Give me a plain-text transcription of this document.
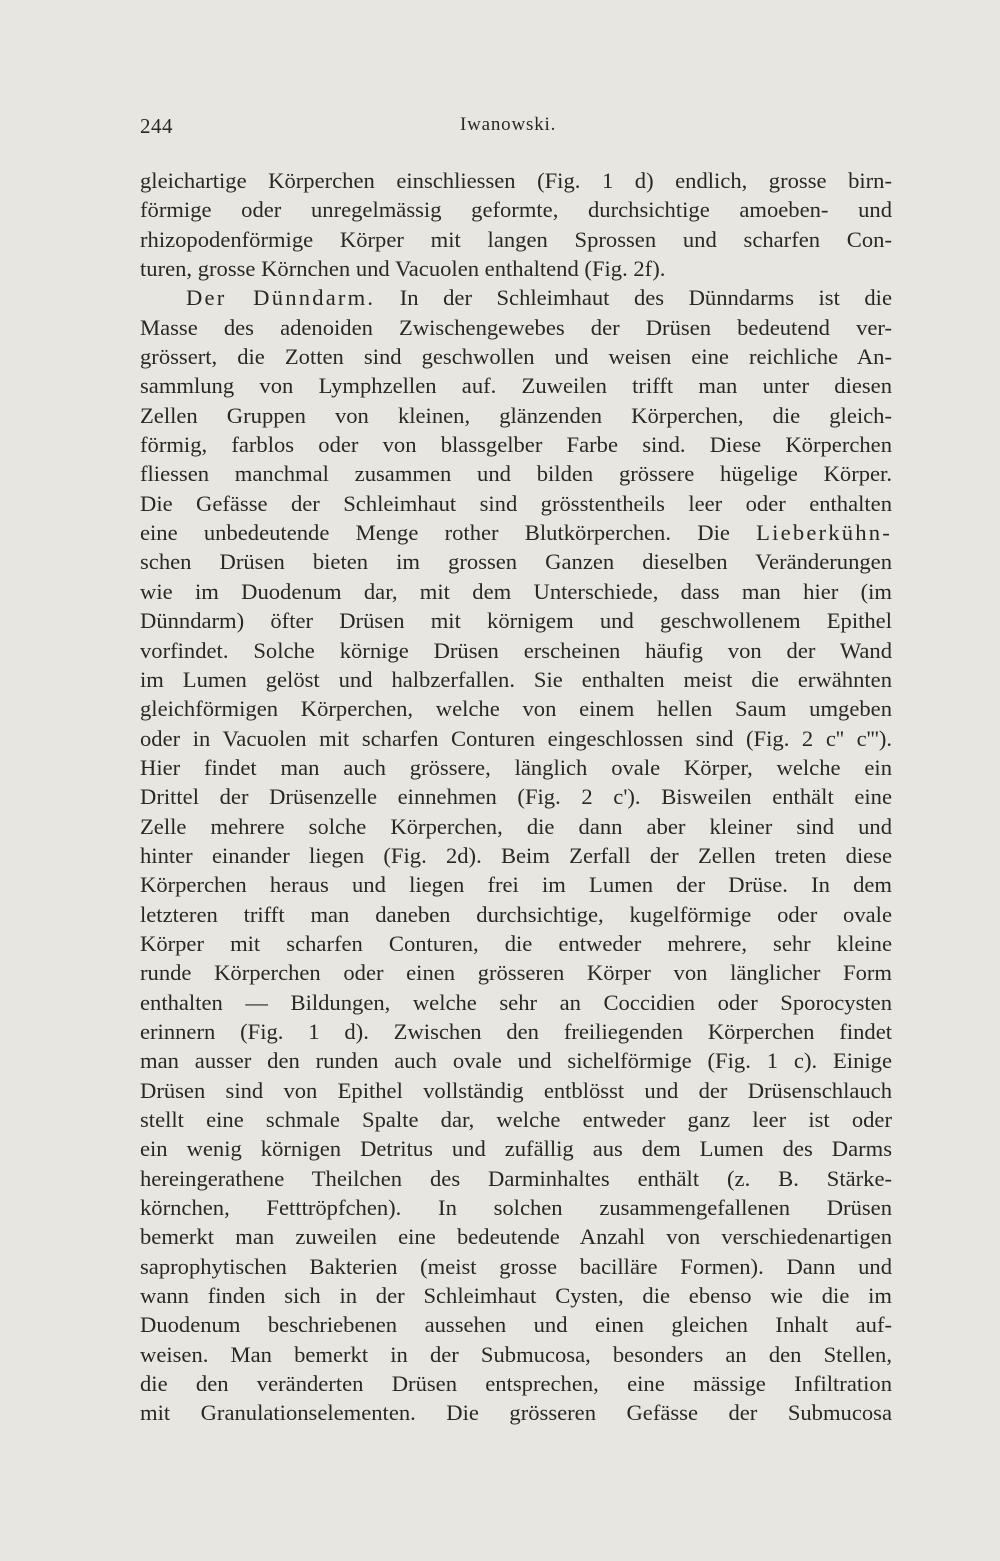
244	Iwanowski.
gleichartige Körperchen einschliessen (Fig. 1 d) endlich, grosse birn-
förmige oder unregelmässig geformte, durchsichtige amoeben- und
rhizopodenförmige Körper mit langen Sprossen und scharfen Con-
turen, grosse Körnchen und Vacuolen enthaltend (Fig. 2f).
Der Dünndarm. In der Schleimhaut des Dünndarms ist die
Masse des adenoiden Zwischengewebes der Drüsen bedeutend ver-
grössert, die Zotten sind geschwollen und weisen eine reichliche An-
sammlung von Lymphzellen auf. Zuweilen trifft man unter diesen
Zellen Gruppen von kleinen, glänzenden Körperchen, die gleich-
förmig, farblos oder von blassgelber Farbe sind. Diese Körperchen
fliessen manchmal zusammen und bilden grössere hügelige Körper.
Die Gefässe der Schleimhaut sind grösstentheils leer oder enthalten
eine unbedeutende Menge rother Blutkörperchen. Die Lieberkühn-
schen Drüsen bieten im grossen Ganzen dieselben Veränderungen
wie im Duodenum dar, mit dem Unterschiede, dass man hier (im
Dünndarm) öfter Drüsen mit körnigem und geschwollenem Epithel
vorfindet. Solche körnige Drüsen erscheinen häufig von der Wand
im Lumen gelöst und halbzerfallen. Sie enthalten meist die erwähnten
gleichförmigen Körperchen, welche von einem hellen Saum umgeben
oder in Vacuolen mit scharfen Conturen eingeschlossen sind (Fig. 2 c'' c''').
Hier findet man auch grössere, länglich ovale Körper, welche ein
Drittel der Drüsenzelle einnehmen (Fig. 2 c'). Bisweilen enthält eine
Zelle mehrere solche Körperchen, die dann aber kleiner sind und
hinter einander liegen (Fig. 2d). Beim Zerfall der Zellen treten diese
Körperchen heraus und liegen frei im Lumen der Drüse. In dem
letzteren trifft man daneben durchsichtige, kugelförmige oder ovale
Körper mit scharfen Conturen, die entweder mehrere, sehr kleine
runde Körperchen oder einen grösseren Körper von länglicher Form
enthalten — Bildungen, welche sehr an Coccidien oder Sporocysten
erinnern (Fig. 1 d). Zwischen den freiliegenden Körperchen findet
man ausser den runden auch ovale und sichelförmige (Fig. 1 c). Einige
Drüsen sind von Epithel vollständig entblösst und der Drüsenschlauch
stellt eine schmale Spalte dar, welche entweder ganz leer ist oder
ein wenig körnigen Detritus und zufällig aus dem Lumen des Darms
hereingerathene Theilchen des Darminhaltes enthält (z. B. Stärke-
körnchen, Fetttröpfchen). In solchen zusammengefallenen Drüsen
bemerkt man zuweilen eine bedeutende Anzahl von verschiedenartigen
saprophytischen Bakterien (meist grosse bacilläre Formen). Dann und
wann finden sich in der Schleimhaut Cysten, die ebenso wie die im
Duodenum beschriebenen aussehen und einen gleichen Inhalt auf-
weisen. Man bemerkt in der Submucosa, besonders an den Stellen,
die den veränderten Drüsen entsprechen, eine mässige Infiltration
mit Granulationselementen. Die grösseren Gefässe der Submucosa
